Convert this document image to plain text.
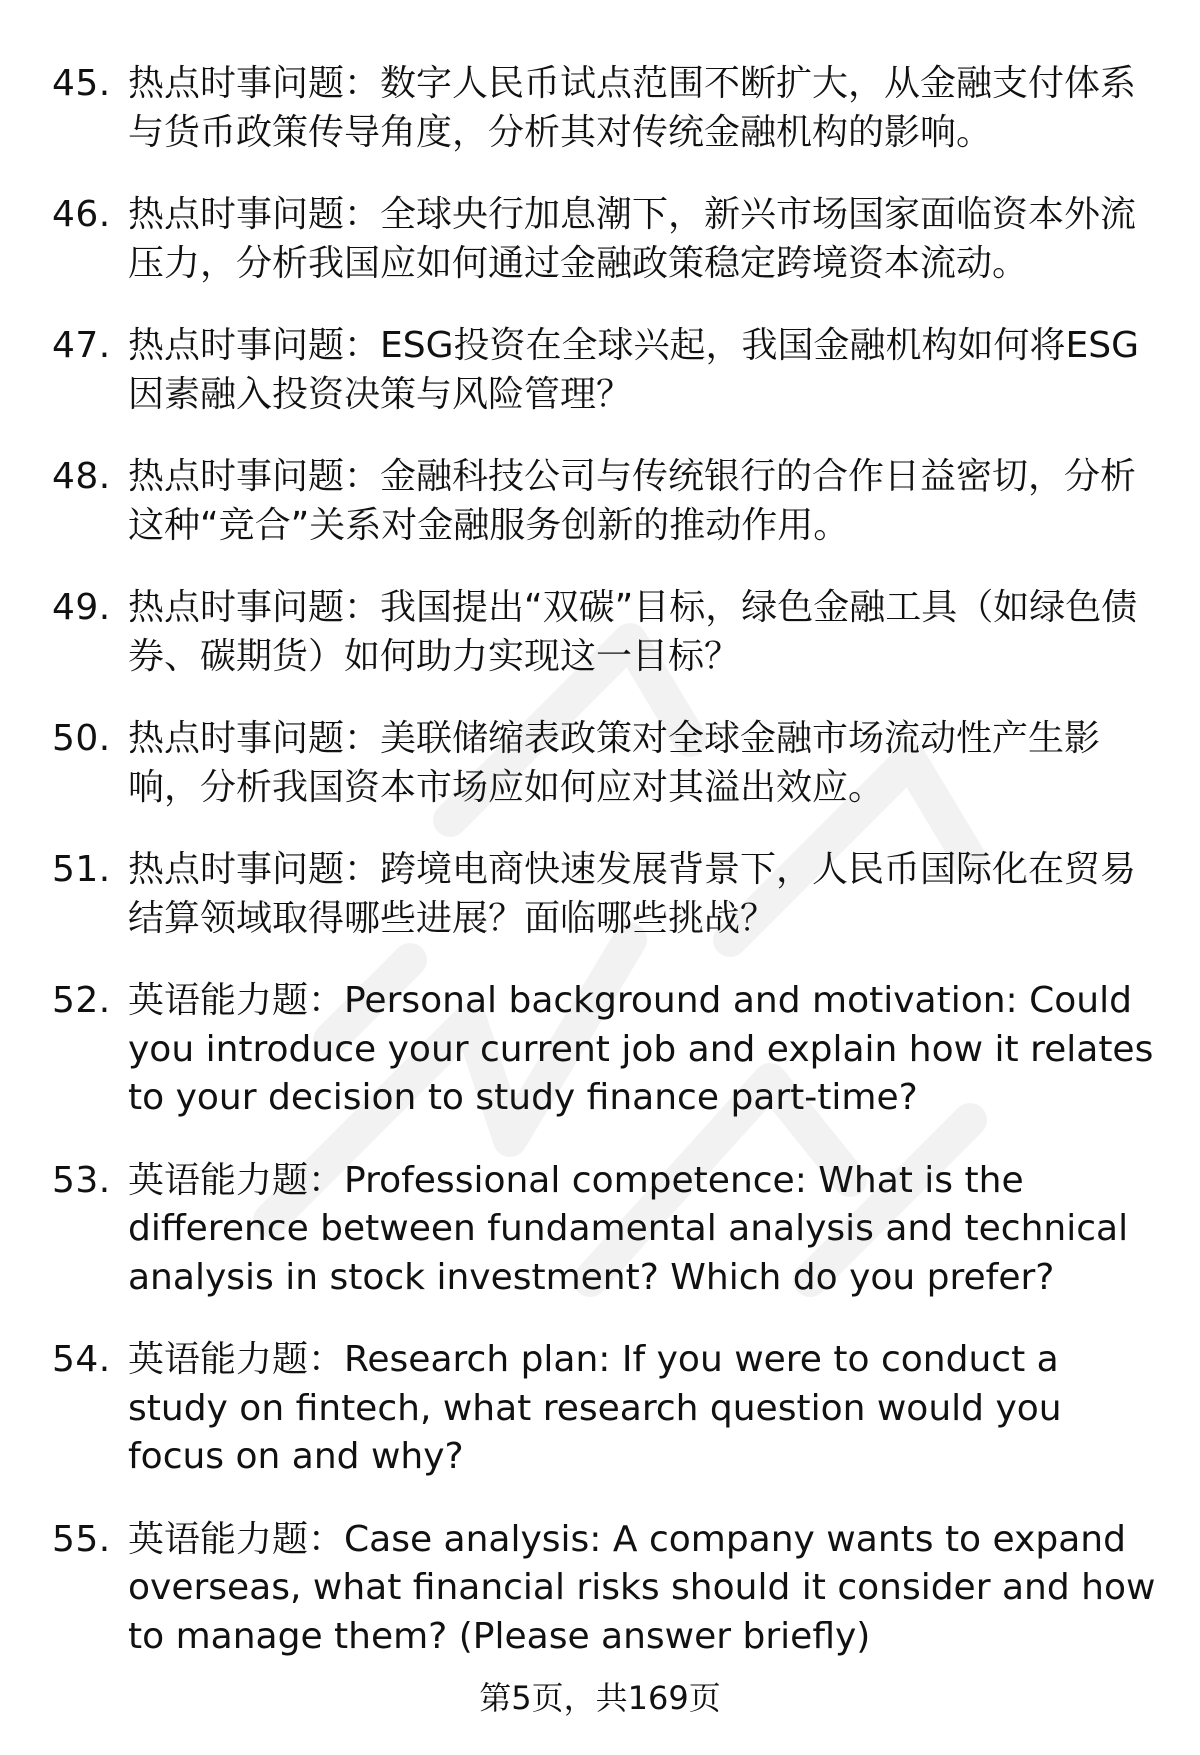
45. 热点时事问题：数字人民币试点范围不断扩大，从金融支付体系与货币政策传导角度，分析其对传统金融机构的影响。
46. 热点时事问题：全球央行加息潮下，新兴市场国家面临资本外流压力，分析我国应如何通过金融政策稳定跨境资本流动。
47. 热点时事问题：ESG投资在全球兴起，我国金融机构如何将ESG因素融入投资决策与风险管理？
48. 热点时事问题：金融科技公司与传统银行的合作日益密切，分析这种“竞合”关系对金融服务创新的推动作用。
49. 热点时事问题：我国提出“双碳”目标，绿色金融工具（如绿色债券、碳期货）如何助力实现这一目标？
50. 热点时事问题：美联储缩表政策对全球金融市场流动性产生影响，分析我国资本市场应如何应对其溢出效应。
51. 热点时事问题：跨境电商快速发展背景下，人民币国际化在贸易结算领域取得哪些进展？面临哪些挑战？
52. 英语能力题：Personal background and motivation: Could you introduce your current job and explain how it relates to your decision to study finance part-time?
53. 英语能力题：Professional competence: What is the difference between fundamental analysis and technical analysis in stock investment? Which do you prefer?
54. 英语能力题：Research plan: If you were to conduct a study on fintech, what research question would you focus on and why?
55. 英语能力题：Case analysis: A company wants to expand overseas, what financial risks should it consider and how to manage them? (Please answer briefly)
第5页，共169页
